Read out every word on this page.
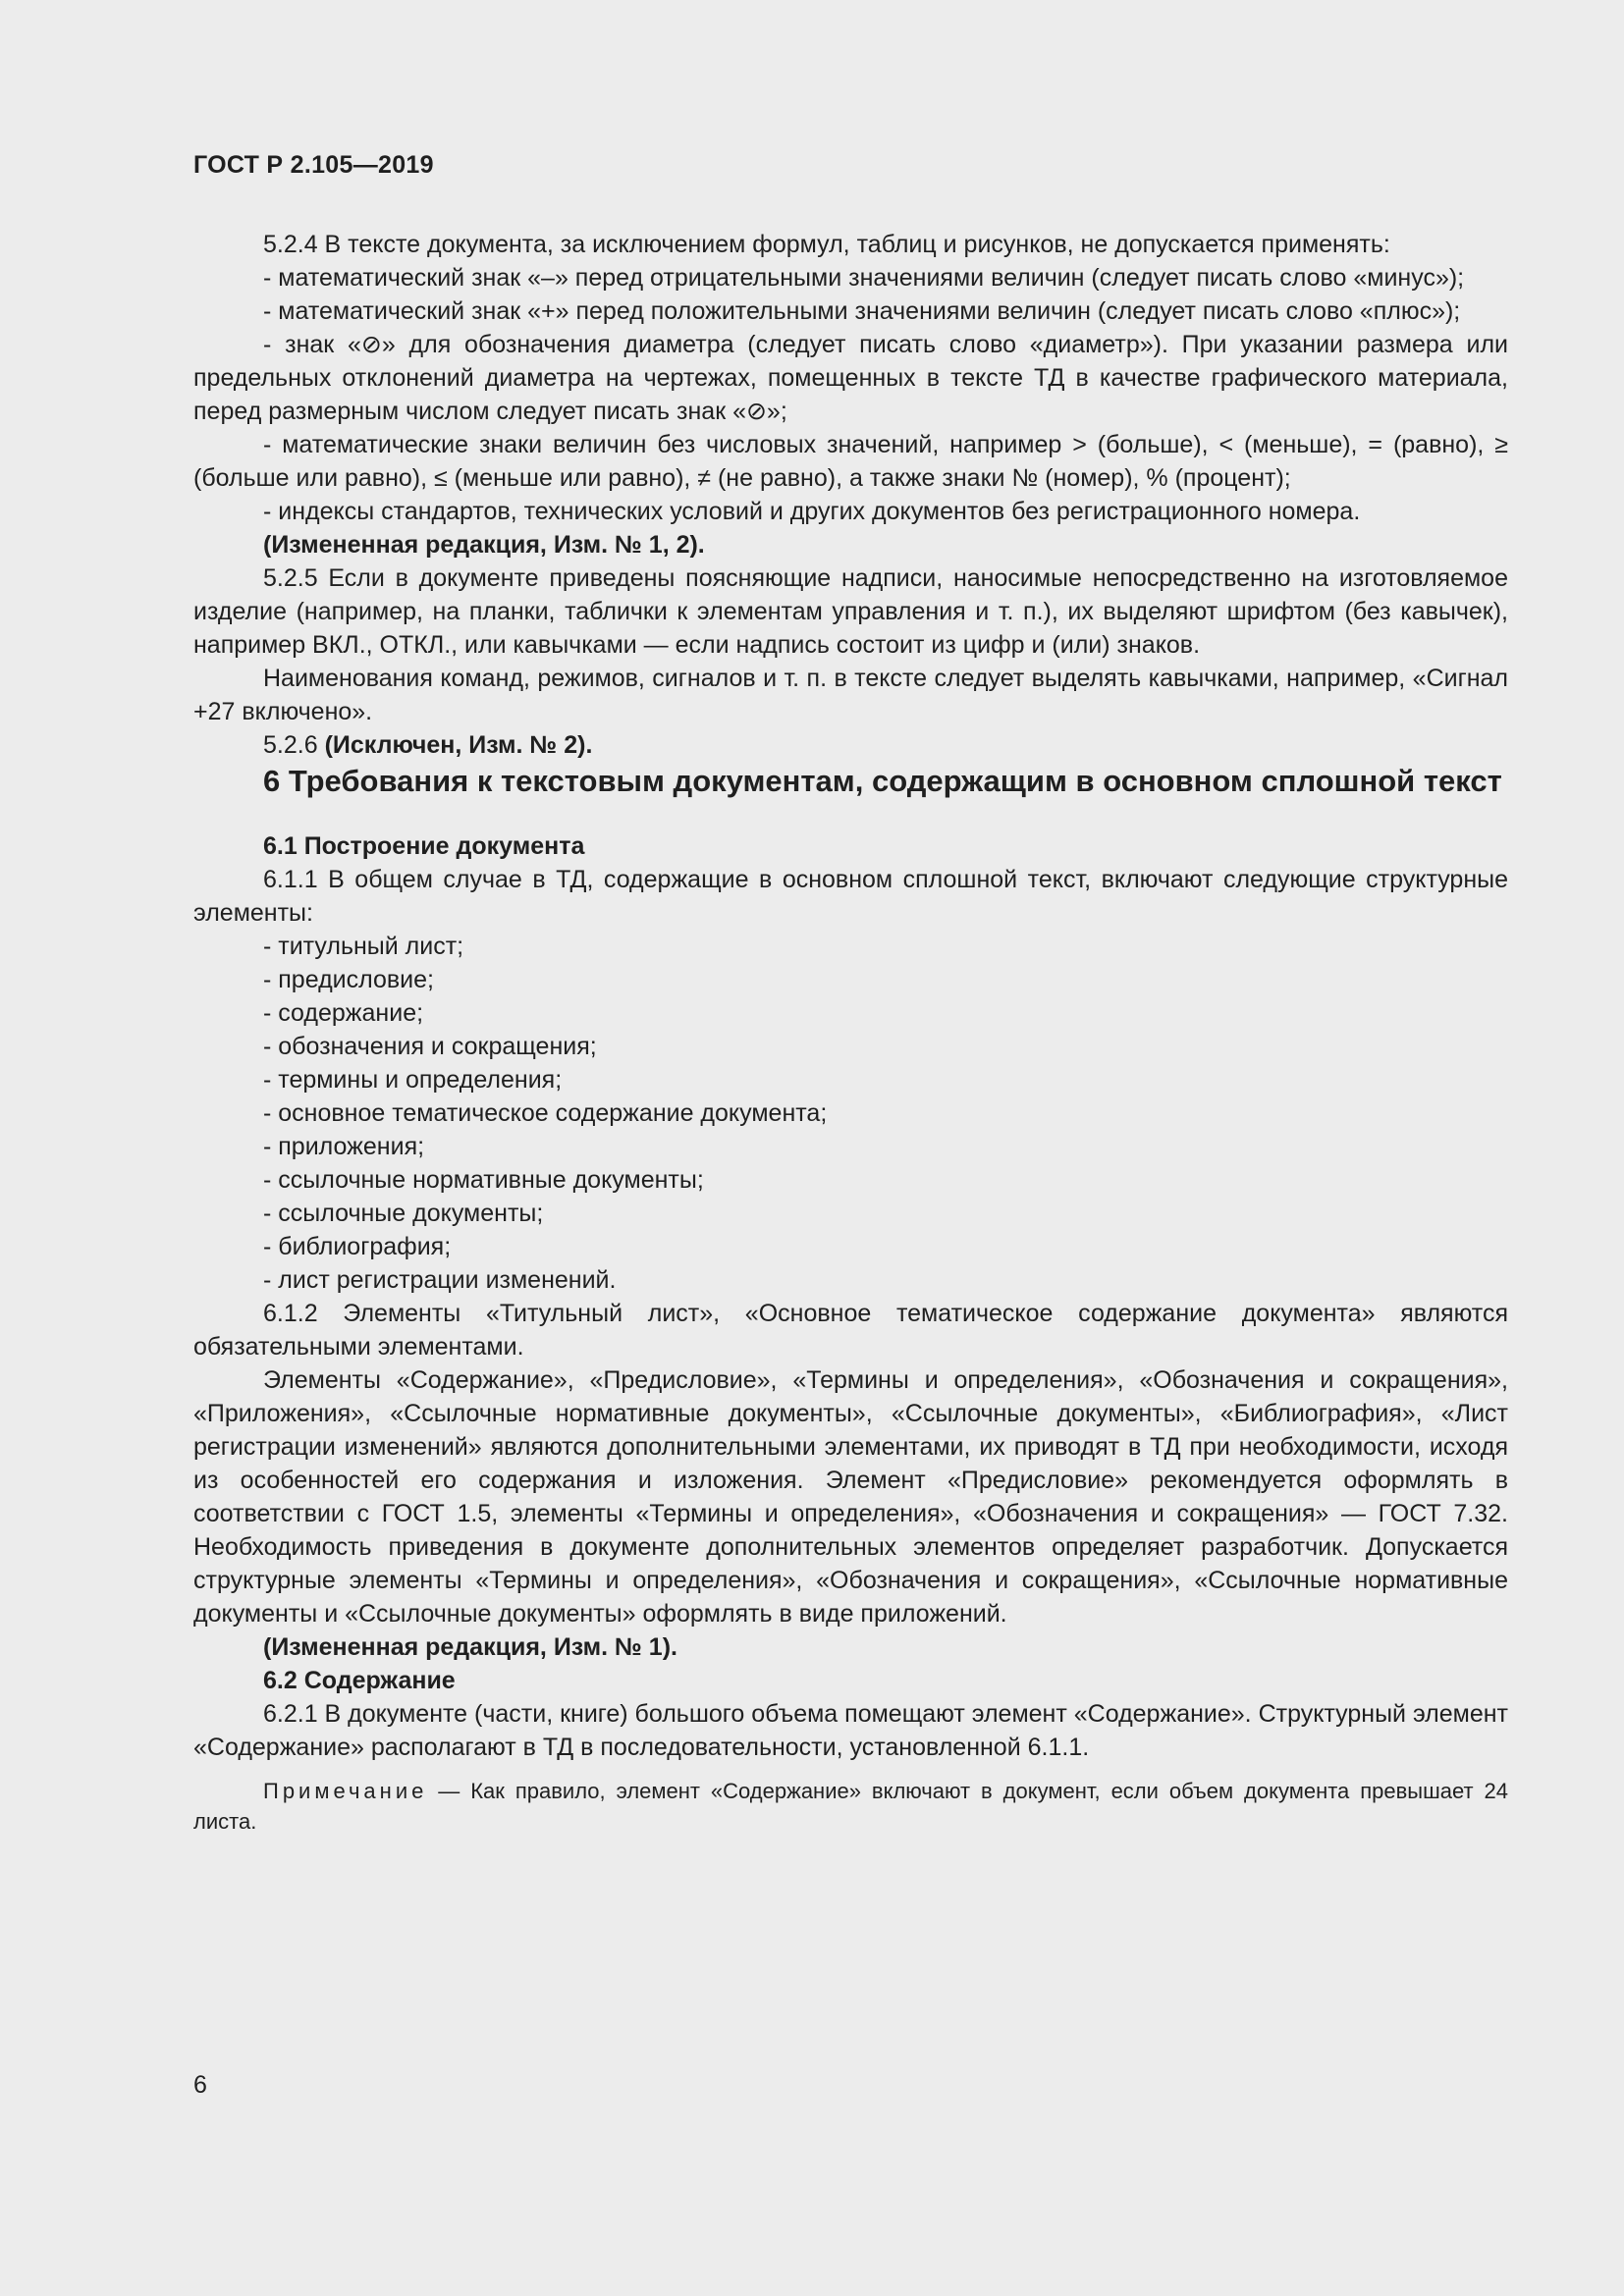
ГОСТ Р 2.105—2019

5.2.4 В тексте документа, за исключением формул, таблиц и рисунков, не допускается применять:

- математический знак «–» перед отрицательными значениями величин (следует писать слово «минус»);

- математический знак «+» перед положительными значениями величин (следует писать слово «плюс»);

- знак «⊘» для обозначения диаметра (следует писать слово «диаметр»). При указании размера или предельных отклонений диаметра на чертежах, помещенных в тексте ТД в качестве графического материала, перед размерным числом следует писать знак «⊘»;

- математические знаки величин без числовых значений, например > (больше), < (меньше), = (равно), ≥ (больше или равно), ≤ (меньше или равно), ≠ (не равно), а также знаки № (номер), % (процент);

- индексы стандартов, технических условий и других документов без регистрационного номера.

(Измененная редакция, Изм. № 1, 2).

5.2.5 Если в документе приведены поясняющие надписи, наносимые непосредственно на изготовляемое изделие (например, на планки, таблички к элементам управления и т. п.), их выделяют шрифтом (без кавычек), например ВКЛ., ОТКЛ., или кавычками — если надпись состоит из цифр и (или) знаков.

Наименования команд, режимов, сигналов и т. п. в тексте следует выделять кавычками, например, «Сигнал +27 включено».

5.2.6 (Исключен, Изм. № 2).

6 Требования к текстовым документам, содержащим в основном сплошной текст

6.1 Построение документа

6.1.1 В общем случае в ТД, содержащие в основном сплошной текст, включают следующие структурные элементы:

- титульный лист;

- предисловие;

- содержание;

- обозначения и сокращения;

- термины и определения;

- основное тематическое содержание документа;

- приложения;

- ссылочные нормативные документы;

- ссылочные документы;

- библиография;

- лист регистрации изменений.

6.1.2 Элементы «Титульный лист», «Основное тематическое содержание документа» являются обязательными элементами.

Элементы «Содержание», «Предисловие», «Термины и определения», «Обозначения и сокращения», «Приложения», «Ссылочные нормативные документы», «Ссылочные документы», «Библиография», «Лист регистрации изменений» являются дополнительными элементами, их приводят в ТД при необходимости, исходя из особенностей его содержания и изложения. Элемент «Предисловие» рекомендуется оформлять в соответствии с ГОСТ 1.5, элементы «Термины и определения», «Обозначения и сокращения» — ГОСТ 7.32. Необходимость приведения в документе дополнительных элементов определяет разработчик. Допускается структурные элементы «Термины и определения», «Обозначения и сокращения», «Ссылочные нормативные документы и «Ссылочные документы» оформлять в виде приложений.

(Измененная редакция, Изм. № 1).

6.2 Содержание

6.2.1 В документе (части, книге) большого объема помещают элемент «Содержание». Структурный элемент «Содержание» располагают в ТД в последовательности, установленной 6.1.1.

Примечание — Как правило, элемент «Содержание» включают в документ, если объем документа превышает 24 листа.

6
